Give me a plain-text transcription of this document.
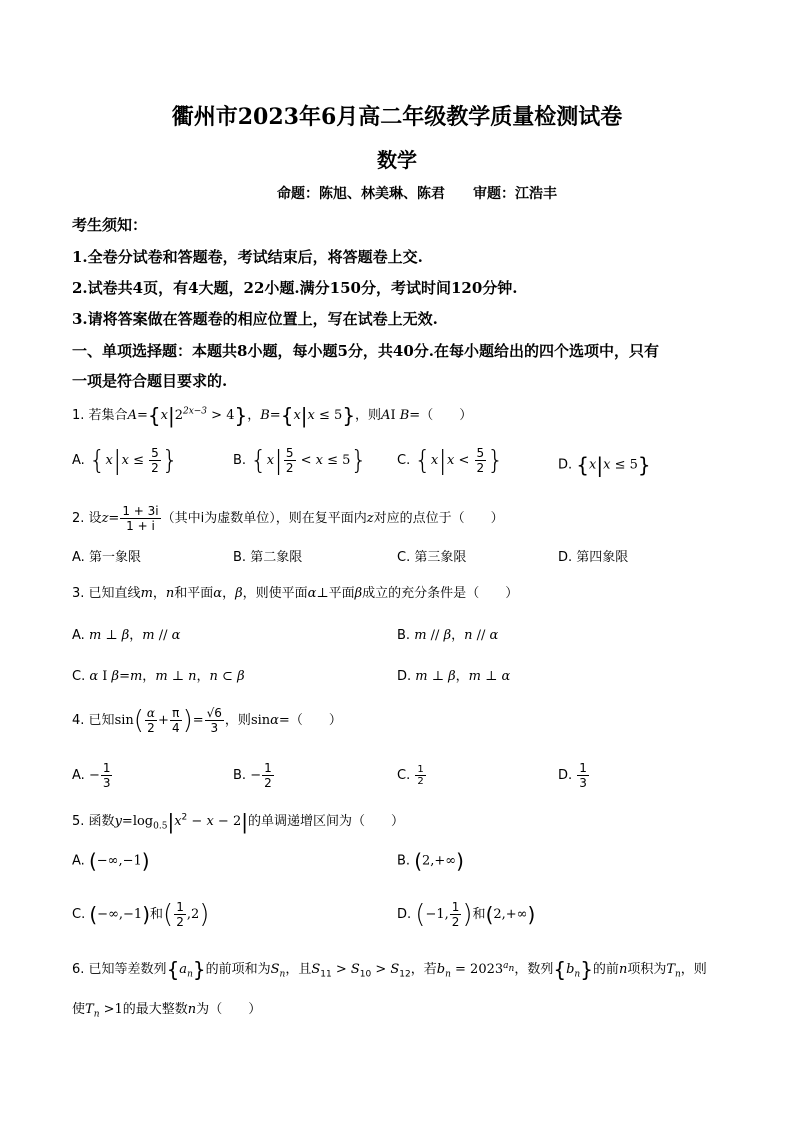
衢州市2023年6月高二年级教学质量检测试卷
数学
命题：陈旭、林美琳、陈君　　审题：江浩丰
考生须知：
1.全卷分试卷和答题卷，考试结束后，将答题卷上交.
2.试卷共4页，有4大题，22小题.满分150分，考试时间120分钟.
3.请将答案做在答题卷的相应位置上，写在试卷上无效.
一、单项选择题：本题共8小题，每小题5分，共40分.在每小题给出的四个选项中，只有
一项是符合题目要求的.
1. 若集合$A=\{x|2^{2x-3} > 4\}$，B={x|x ≤ 5}，则AI B=（　　）
A. {$x|x \le \frac{5}{2}$ }	B. $\{x| \frac{5}{2} < x \le 5\}$ C. {$x|x < \frac{5}{2}$ }	D. {x|x ≤ 5}
2. 设$z= \frac{1 + 3i}{1 + i}$ （其中i为虚数单位），则在复平面内z对应的点位于（　　）
A. 第一象限	B. 第二象限	C. 第三象限	D. 第四象限
3. 已知直线m，n和平面α，β，则使平面α⊥平面β成立的充分条件是（　　）
A. m ⊥ β，m // α	B. m // β，n // α
C. α I β=m，m ⊥ n，n ⊂ β	D. m ⊥ β，m ⊥ α
4. 已知$\sin( \frac{\alpha}{2} + \frac{\pi}{4}$ )= $\frac{√6}{3}$ ，则sinα=（　　）
A. − $\frac{1}{3}$	B. − $\frac{1}{2}$	C. $\frac{1}{2}$	D. $\frac{1}{3}$
5. 函数$y=\log_{0.5}|x^2 - x - 2|$的单调递增区间为（　　）
A. (−∞,−1)	B. (2,+∞)
C. (−∞,−1)和( $\frac{1}{2} ,2$)	D. (−1, $\frac{1}{2}$ )和(2,+∞)
6. 已知等差数列$\{a_n\}$的前项和为$S_n$，且$S_{11} > S_{10} > S_{12}$，若$b_n = 2023^{a_n}$，数列$\{b_n\}$的前n项积为$T_n$，则
使$T_n >1$的最大整数n为（　　）
